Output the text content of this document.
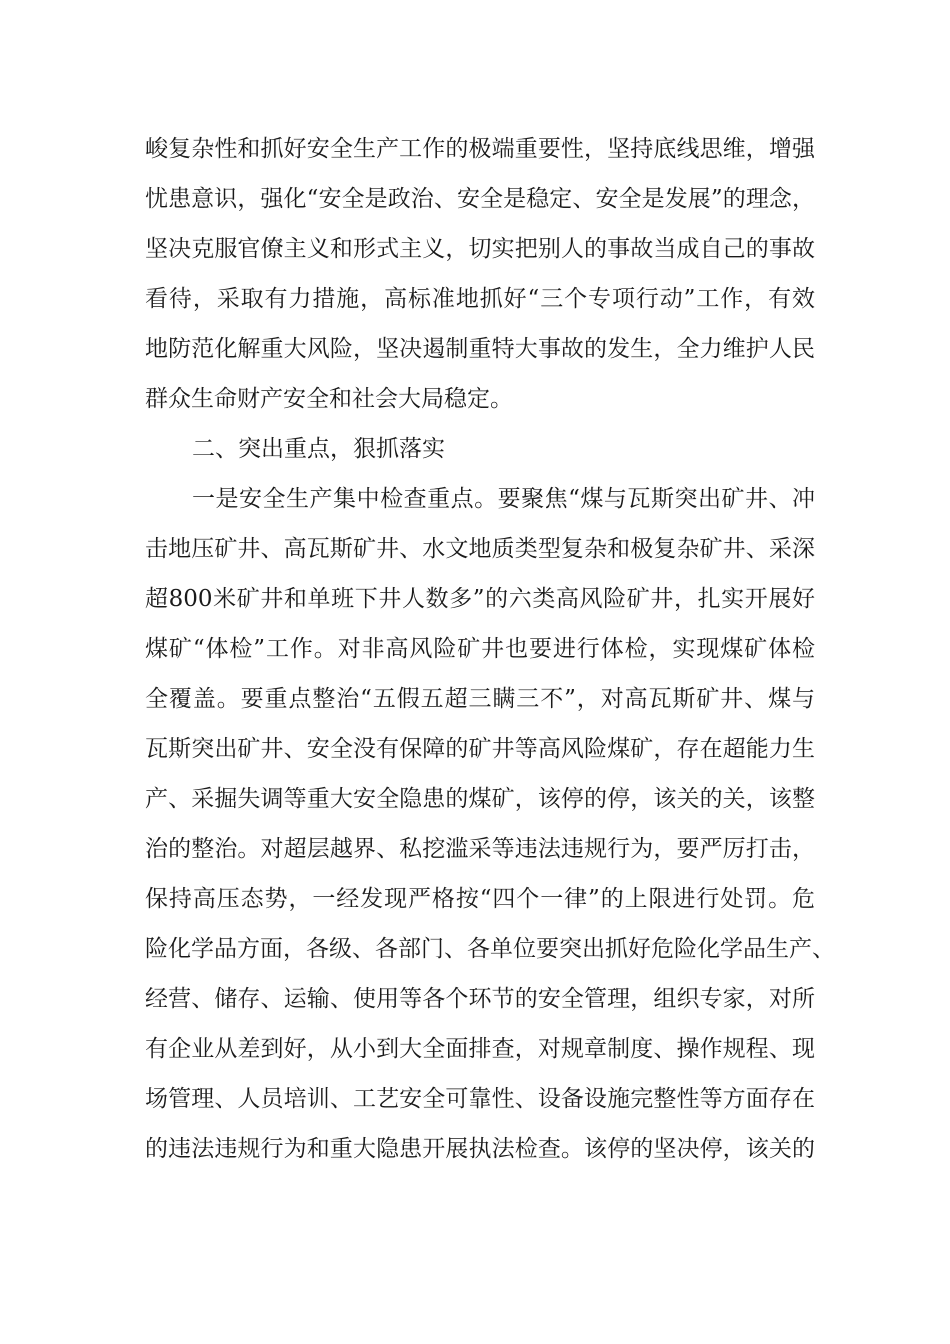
峻复杂性和抓好安全生产工作的极端重要性，坚持底线思维，增强
忧患意识，强化“安全是政治、安全是稳定、安全是发展”的理念，
坚决克服官僚主义和形式主义，切实把别人的事故当成自己的事故
看待，采取有力措施，高标准地抓好“三个专项行动”工作，有效
地防范化解重大风险，坚决遏制重特大事故的发生，全力维护人民
群众生命财产安全和社会大局稳定。
二、突出重点，狠抓落实
一是安全生产集中检查重点。要聚焦“煤与瓦斯突出矿井、冲
击地压矿井、高瓦斯矿井、水文地质类型复杂和极复杂矿井、采深
超800米矿井和单班下井人数多”的六类高风险矿井，扎实开展好
煤矿“体检”工作。对非高风险矿井也要进行体检，实现煤矿体检
全覆盖。要重点整治“五假五超三瞒三不”，对高瓦斯矿井、煤与
瓦斯突出矿井、安全没有保障的矿井等高风险煤矿，存在超能力生
产、采掘失调等重大安全隐患的煤矿，该停的停，该关的关，该整
治的整治。对超层越界、私挖滥采等违法违规行为，要严厉打击，
保持高压态势，一经发现严格按“四个一律”的上限进行处罚。危
险化学品方面，各级、各部门、各单位要突出抓好危险化学品生产、
经营、储存、运输、使用等各个环节的安全管理，组织专家，对所
有企业从差到好，从小到大全面排查，对规章制度、操作规程、现
场管理、人员培训、工艺安全可靠性、设备设施完整性等方面存在
的违法违规行为和重大隐患开展执法检查。该停的坚决停，该关的
